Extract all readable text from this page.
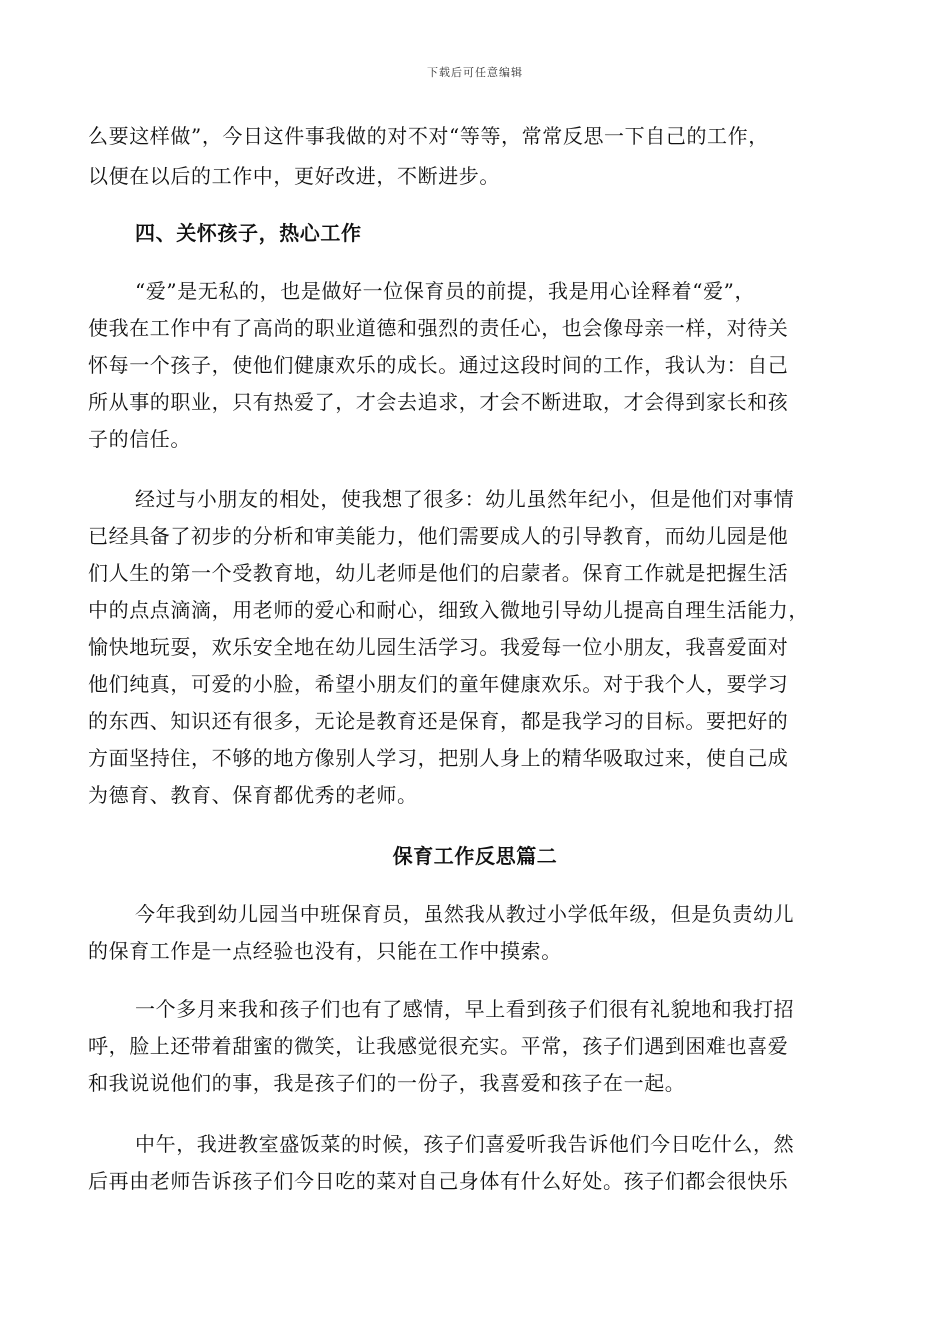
下载后可任意编辑
么要这样做”，今日这件事我做的对不对“等等，常常反思一下自己的工作，
以便在以后的工作中，更好改进，不断进步。
四、关怀孩子，热心工作
“爱”是无私的，也是做好一位保育员的前提，我是用心诠释着“爱”，
使我在工作中有了高尚的职业道德和强烈的责任心，也会像母亲一样，对待关
怀每一个孩子，使他们健康欢乐的成长。通过这段时间的工作，我认为：自己
所从事的职业，只有热爱了，才会去追求，才会不断进取，才会得到家长和孩
子的信任。
经过与小朋友的相处，使我想了很多：幼儿虽然年纪小，但是他们对事情
已经具备了初步的分析和审美能力，他们需要成人的引导教育，而幼儿园是他
们人生的第一个受教育地，幼儿老师是他们的启蒙者。保育工作就是把握生活
中的点点滴滴，用老师的爱心和耐心，细致入微地引导幼儿提高自理生活能力，
愉快地玩耍，欢乐安全地在幼儿园生活学习。我爱每一位小朋友，我喜爱面对
他们纯真，可爱的小脸，希望小朋友们的童年健康欢乐。对于我个人，要学习
的东西、知识还有很多，无论是教育还是保育，都是我学习的目标。要把好的
方面坚持住，不够的地方像别人学习，把别人身上的精华吸取过来，使自己成
为德育、教育、保育都优秀的老师。
保育工作反思篇二
今年我到幼儿园当中班保育员，虽然我从教过小学低年级，但是负责幼儿
的保育工作是一点经验也没有，只能在工作中摸索。
一个多月来我和孩子们也有了感情，早上看到孩子们很有礼貌地和我打招
呼，脸上还带着甜蜜的微笑，让我感觉很充实。平常，孩子们遇到困难也喜爱
和我说说他们的事，我是孩子们的一份子，我喜爱和孩子在一起。
中午，我进教室盛饭菜的时候，孩子们喜爱听我告诉他们今日吃什么，然
后再由老师告诉孩子们今日吃的菜对自己身体有什么好处。孩子们都会很快乐
